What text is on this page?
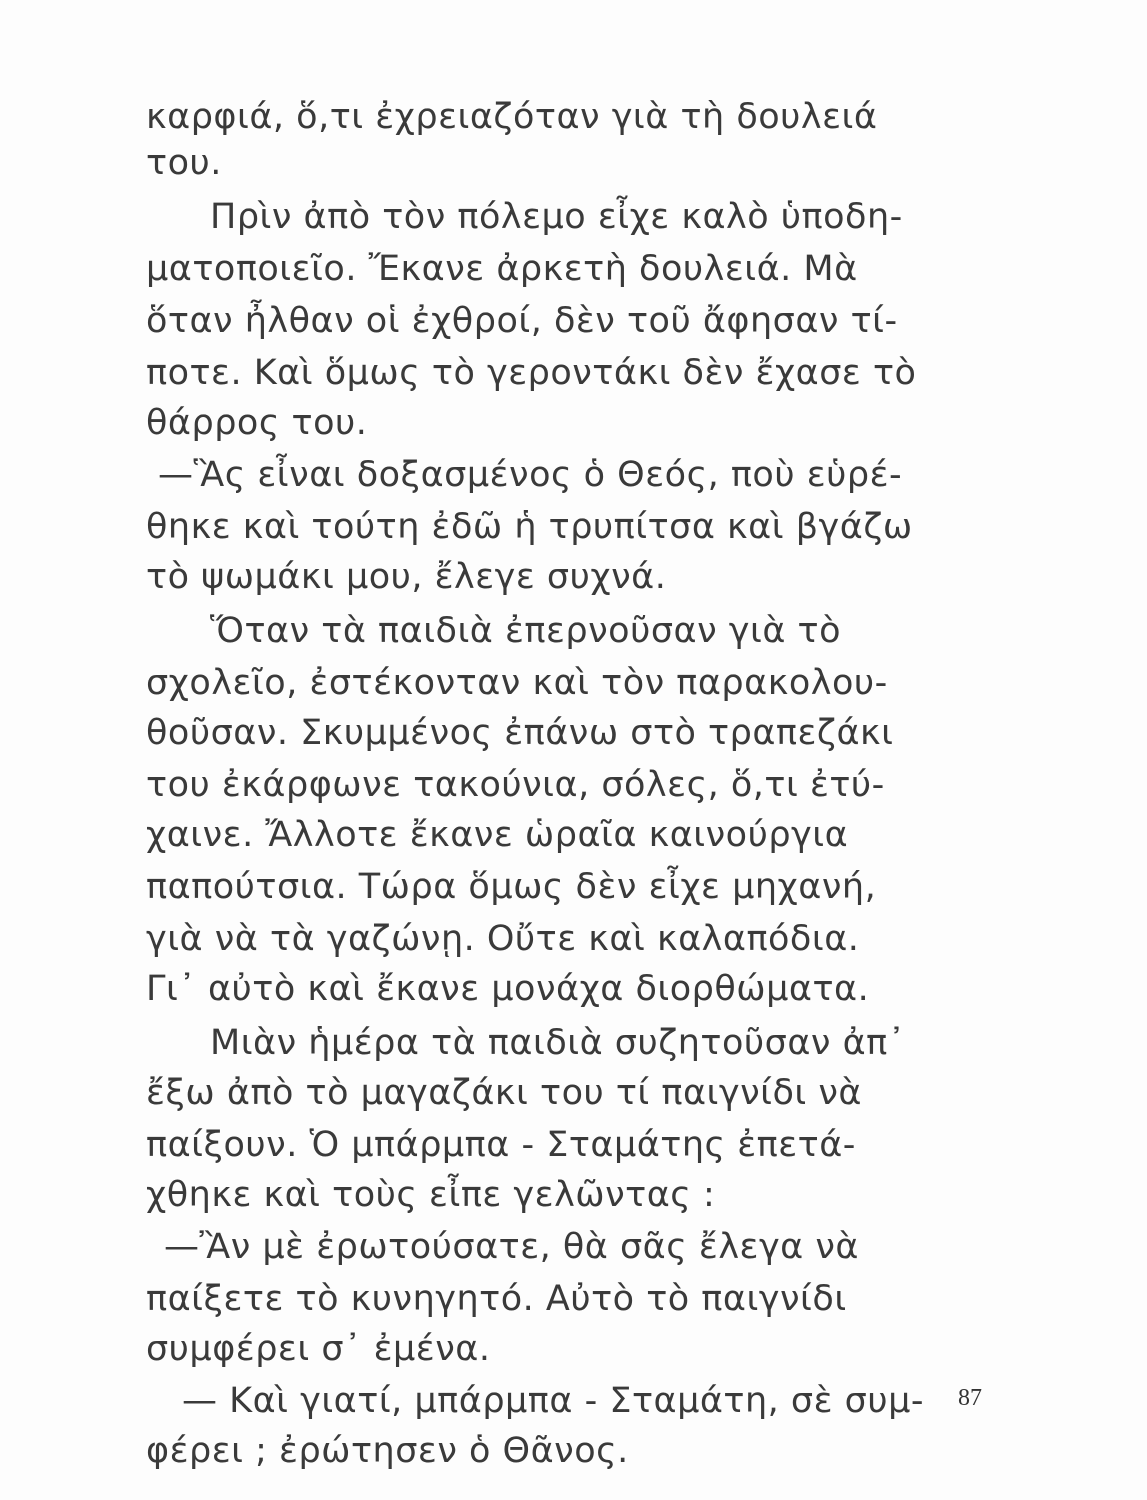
καρφιά, ὅ,τι ἐχρειαζόταν γιὰ τὴ δουλειά
του.
Πρὶν ἀπὸ τὸν πόλεμο εἶχε καλὸ ὑποδη-
ματοποιεῖο. Ἔκανε ἀρκετὴ δουλειά. Μὰ
ὅταν ἦλθαν οἱ ἐχθροί, δὲν τοῦ ἄφησαν τί-
ποτε. Καὶ ὅμως τὸ γεροντάκι δὲν ἔχασε τὸ
θάρρος του.
—Ἃς εἶναι δοξασμένος ὁ Θεός, ποὺ εὑρέ-
θηκε καὶ τούτη ἐδῶ ἡ τρυπίτσα καὶ βγάζω
τὸ ψωμάκι μου, ἔλεγε συχνά.
Ὅταν τὰ παιδιὰ ἐπερνοῦσαν γιὰ τὸ
σχολεῖο, ἐστέκονταν καὶ τὸν παρακολου-
θοῦσαν. Σκυμμένος ἐπάνω στὸ τραπεζάκι
του ἐκάρφωνε τακούνια, σόλες, ὅ,τι ἐτύ-
χαινε. Ἄλλοτε ἔκανε ὡραῖα καινούργια
παπούτσια. Τώρα ὅμως δὲν εἶχε μηχανή,
γιὰ νὰ τὰ γαζώνῃ. Οὔτε καὶ καλαπόδια.
Γι᾽ αὐτὸ καὶ ἔκανε μονάχα διορθώματα.
Μιὰν ἡμέρα τὰ παιδιὰ συζητοῦσαν ἀπ᾽
ἔξω ἀπὸ τὸ μαγαζάκι του τί παιγνίδι νὰ
παίξουν. Ὁ μπάρμπα - Σταμάτης ἐπετά-
χθηκε καὶ τοὺς εἶπε γελῶντας :
—Ἂν μὲ ἐρωτούσατε, θὰ σᾶς ἔλεγα νὰ
παίξετε τὸ κυνηγητό. Αὐτὸ τὸ παιγνίδι
συμφέρει σ᾽ ἐμένα.
— Καὶ γιατί, μπάρμπα - Σταμάτη, σὲ συμ-
φέρει ; ἐρώτησεν ὁ Θᾶνος.
87
